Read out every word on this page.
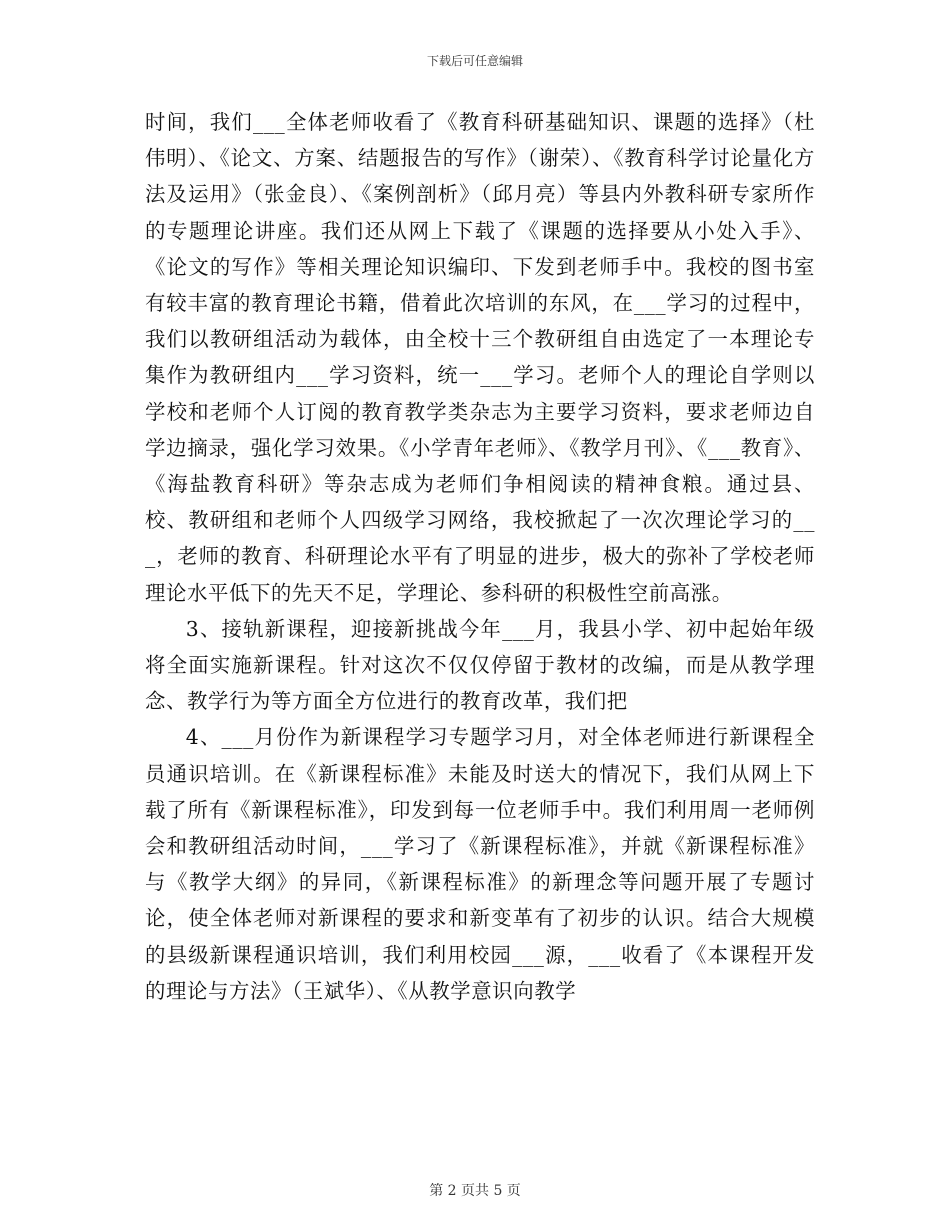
下载后可任意编辑

时间，我们___全体老师收看了《教育科研基础知识、课题的选择》（杜伟明）、《论文、方案、结题报告的写作》（谢荣）、《教育科学讨论量化方法及运用》（张金良）、《案例剖析》（邱月亮）等县内外教科研专家所作的专题理论讲座。我们还从网上下载了《课题的选择要从小处入手》、《论文的写作》等相关理论知识编印、下发到老师手中。我校的图书室有较丰富的教育理论书籍，借着此次培训的东风，在___学习的过程中，我们以教研组活动为载体，由全校十三个教研组自由选定了一本理论专集作为教研组内___学习资料，统一___学习。老师个人的理论自学则以学校和老师个人订阅的教育教学类杂志为主要学习资料，要求老师边自学边摘录，强化学习效果。《小学青年老师》、《教学月刊》、《___教育》、《海盐教育科研》等杂志成为老师们争相阅读的精神食粮。通过县、校、教研组和老师个人四级学习网络，我校掀起了一次次理论学习的___，老师的教育、科研理论水平有了明显的进步，极大的弥补了学校老师理论水平低下的先天不足，学理论、参科研的积极性空前高涨。

3、接轨新课程，迎接新挑战今年___月，我县小学、初中起始年级将全面实施新课程。针对这次不仅仅停留于教材的改编，而是从教学理念、教学行为等方面全方位进行的教育改革，我们把

4、___月份作为新课程学习专题学习月，对全体老师进行新课程全员通识培训。在《新课程标准》未能及时送大的情况下，我们从网上下载了所有《新课程标准》，印发到每一位老师手中。我们利用周一老师例会和教研组活动时间，___学习了《新课程标准》，并就《新课程标准》与《教学大纲》的异同，《新课程标准》的新理念等问题开展了专题讨论，使全体老师对新课程的要求和新变革有了初步的认识。结合大规模的县级新课程通识培训，我们利用校园___源，___收看了《本课程开发的理论与方法》（王斌华）、《从教学意识向教学

第 2 页共 5 页
